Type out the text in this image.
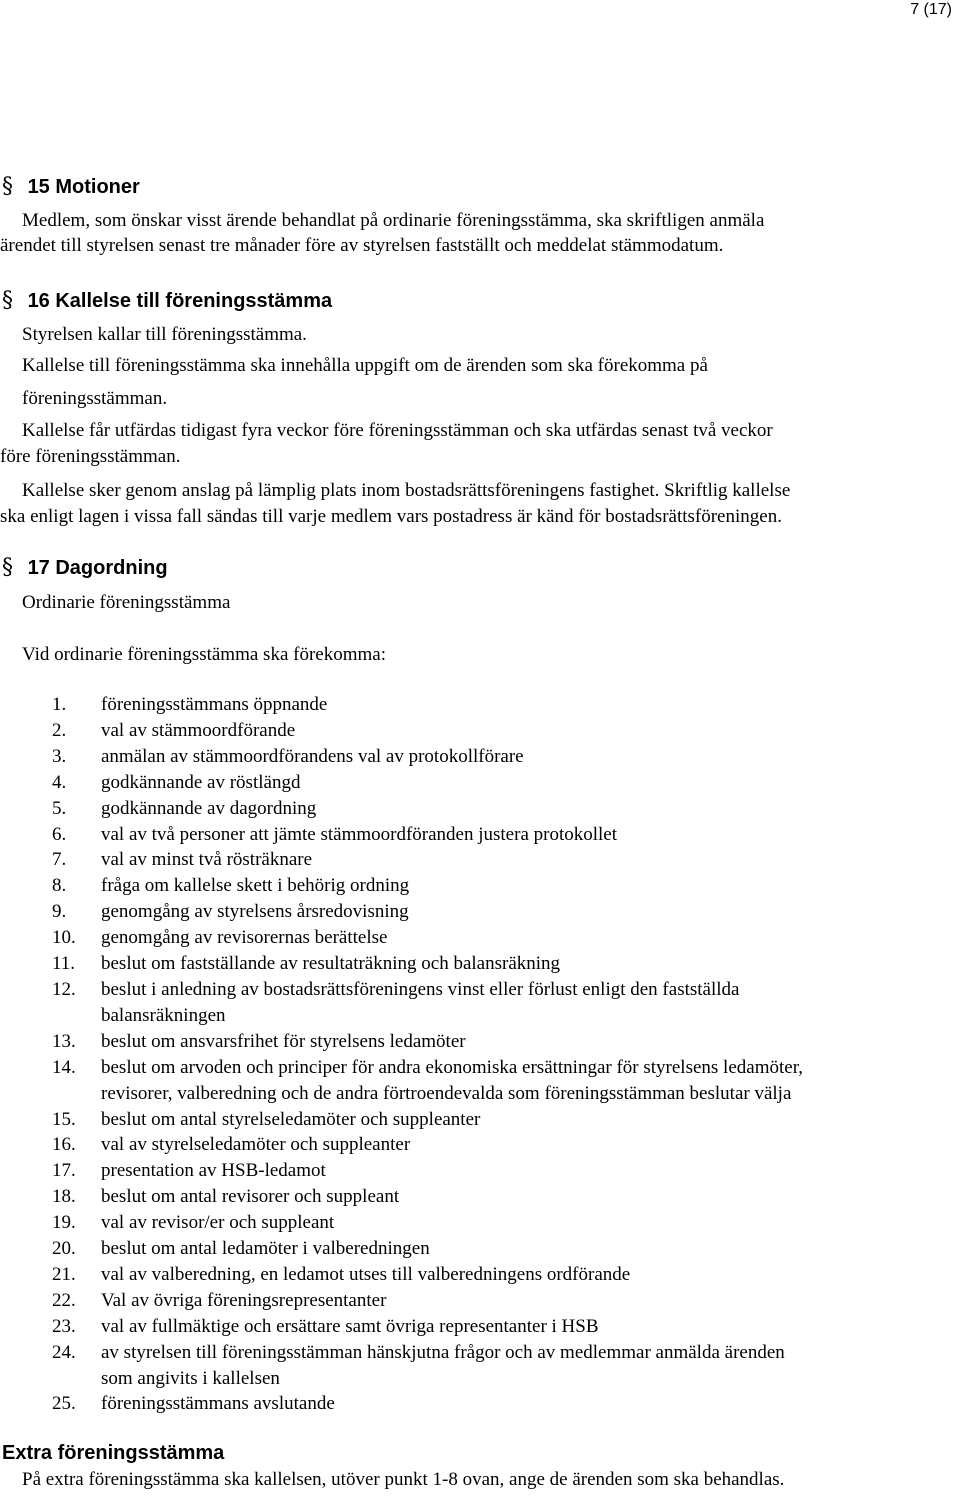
7 (17)
§ 15 Motioner
Medlem, som önskar visst ärende behandlat på ordinarie föreningsstämma, ska skriftligen anmäla
ärendet till styrelsen senast tre månader före av styrelsen fastställt och meddelat stämmodatum.
§ 16 Kallelse till föreningsstämma
Styrelsen kallar till föreningsstämma.
Kallelse till föreningsstämma ska innehålla uppgift om de ärenden som ska förekomma på
föreningsstämman.
Kallelse får utfärdas tidigast fyra veckor före föreningsstämman och ska utfärdas senast två veckor
före föreningsstämman.
Kallelse sker genom anslag på lämplig plats inom bostadsrättsföreningens fastighet. Skriftlig kallelse
ska enligt lagen i vissa fall sändas till varje medlem vars postadress är känd för bostadsrättsföreningen.
§ 17 Dagordning
Ordinarie föreningsstämma
Vid ordinarie föreningsstämma ska förekomma:
1.	föreningsstämmans öppnande
2.	val av stämmoordförande
3.	anmälan av stämmoordförandens val av protokollförare
4.	godkännande av röstlängd
5.	godkännande av dagordning
6.	val av två personer att jämte stämmoordföranden justera protokollet
7.	val av minst två rösträknare
8.	fråga om kallelse skett i behörig ordning
9.	genomgång av styrelsens årsredovisning
10.	genomgång av revisorernas berättelse
11.	beslut om fastställande av resultaträkning och balansräkning
12.	beslut i anledning av bostadsrättsföreningens vinst eller förlust enligt den fastställda
balansräkningen
13.	beslut om ansvarsfrihet för styrelsens ledamöter
14.	beslut om arvoden och principer för andra ekonomiska ersättningar för styrelsens ledamöter,
revisorer, valberedning och de andra förtroendevalda som föreningsstämman beslutar välja
15.	beslut om antal styrelseledamöter och suppleanter
16.	val av styrelseledamöter och suppleanter
17.	presentation av HSB-ledamot
18.	beslut om antal revisorer och suppleant
19.	val av revisor/er och suppleant
20.	beslut om antal ledamöter i valberedningen
21.	val av valberedning, en ledamot utses till valberedningens ordförande
22.	Val av övriga föreningsrepresentanter
23.	val av fullmäktige och ersättare samt övriga representanter i HSB
24.	av styrelsen till föreningsstämman hänskjutna frågor och av medlemmar anmälda ärenden
som angivits i kallelsen
25.	föreningsstämmans avslutande
Extra föreningsstämma
På extra föreningsstämma ska kallelsen, utöver punkt 1-8 ovan, ange de ärenden som ska behandlas.
